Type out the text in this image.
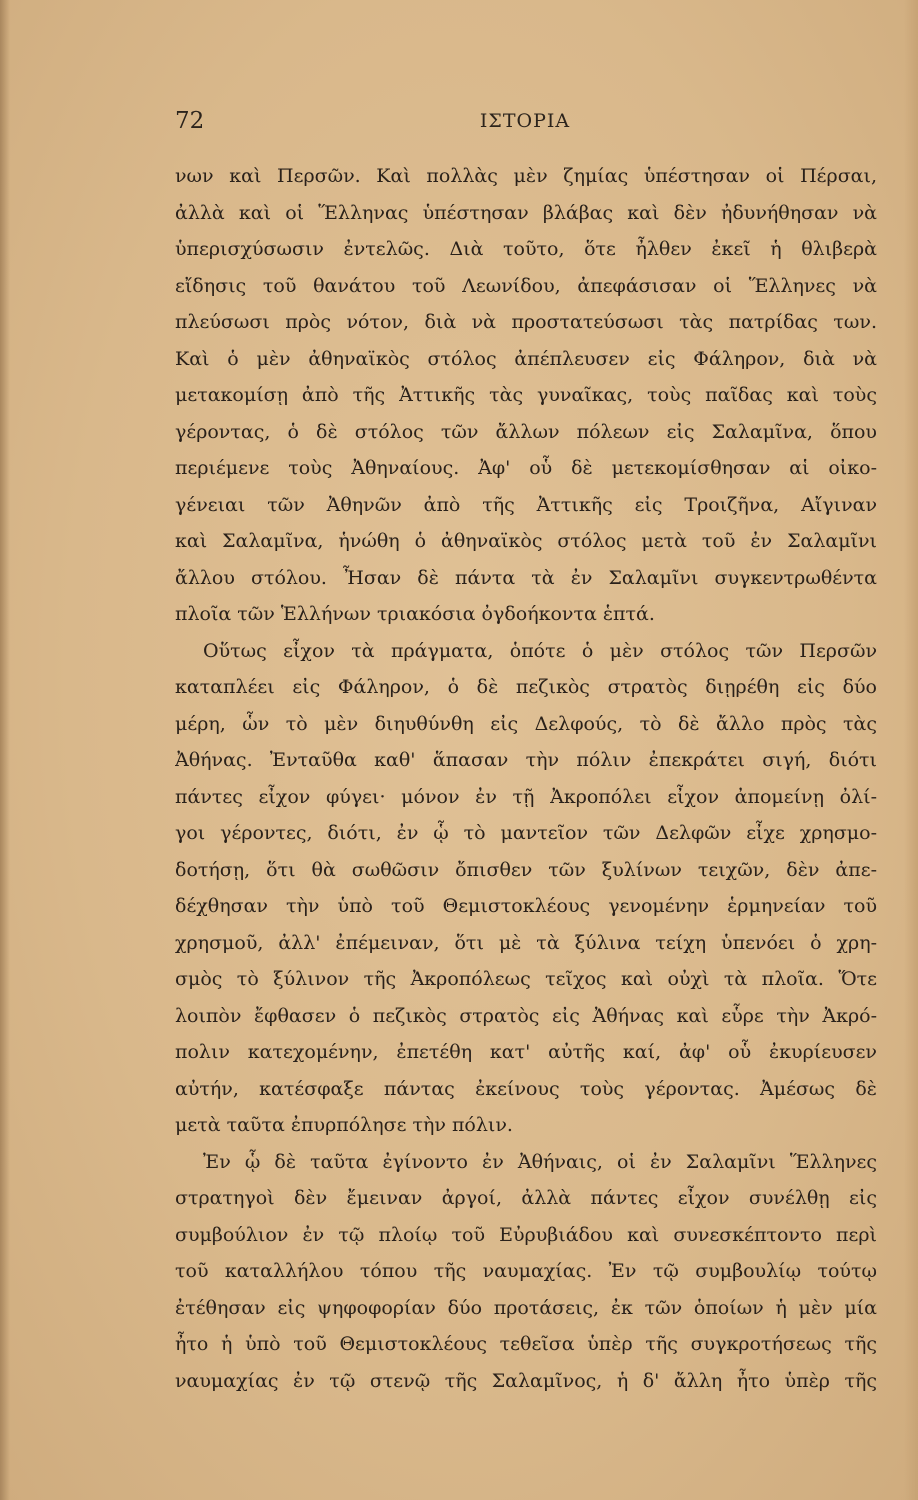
72	ΙΣΤΟΡΙΑ
νων καὶ Περσῶν. Καὶ πολλὰς μὲν ζημίας ὑπέστησαν οἱ Πέρσαι,
ἀλλὰ καὶ οἱ Ἕλληνας ὑπέστησαν βλάβας καὶ δὲν ἠδυνήθησαν νὰ
ὑπερισχύσωσιν ἐντελῶς. Διὰ τοῦτο, ὅτε ἦλθεν ἐκεῖ ἡ θλιβερὰ
εἴδησις τοῦ θανάτου τοῦ Λεωνίδου, ἀπεφάσισαν οἱ Ἕλληνες νὰ
πλεύσωσι πρὸς νότον, διὰ νὰ προστατεύσωσι τὰς πατρίδας των.
Καὶ ὁ μὲν ἀθηναϊκὸς στόλος ἀπέπλευσεν εἰς Φάληρον, διὰ νὰ
μετακομίσῃ ἀπὸ τῆς Ἀττικῆς τὰς γυναῖκας, τοὺς παῖδας καὶ τοὺς
γέροντας, ὁ δὲ στόλος τῶν ἄλλων πόλεων εἰς Σαλαμῖνα, ὅπου
περιέμενε τοὺς Ἀθηναίους. Ἀφ' οὗ δὲ μετεκομίσθησαν αἱ οἰκο-
γένειαι τῶν Ἀθηνῶν ἀπὸ τῆς Ἀττικῆς εἰς Τροιζῆνα, Αἴγιναν
καὶ Σαλαμῖνα, ἡνώθη ὁ ἀθηναϊκὸς στόλος μετὰ τοῦ ἐν Σαλαμῖνι
ἄλλου στόλου. Ἦσαν δὲ πάντα τὰ ἐν Σαλαμῖνι συγκεντρωθέντα
πλοῖα τῶν Ἑλλήνων τριακόσια ὀγδοήκοντα ἑπτά.
Οὕτως εἶχον τὰ πράγματα, ὁπότε ὁ μὲν στόλος τῶν Περσῶν
καταπλέει εἰς Φάληρον, ὁ δὲ πεζικὸς στρατὸς διῃρέθη εἰς δύο
μέρη, ὧν τὸ μὲν διηυθύνθη εἰς Δελφούς, τὸ δὲ ἄλλο πρὸς τὰς
Ἀθήνας. Ἐνταῦθα καθ' ἅπασαν τὴν πόλιν ἐπεκράτει σιγή, διότι
πάντες εἶχον φύγει· μόνον ἐν τῇ Ἀκροπόλει εἶχον ἀπομείνῃ ὀλί-
γοι γέροντες, διότι, ἐν ᾧ τὸ μαντεῖον τῶν Δελφῶν εἶχε χρησμο-
δοτήσῃ, ὅτι θὰ σωθῶσιν ὄπισθεν τῶν ξυλίνων τειχῶν, δὲν ἀπε-
δέχθησαν τὴν ὑπὸ τοῦ Θεμιστοκλέους γενομένην ἑρμηνείαν τοῦ
χρησμοῦ, ἀλλ' ἐπέμειναν, ὅτι μὲ τὰ ξύλινα τείχη ὑπενόει ὁ χρη-
σμὸς τὸ ξύλινον τῆς Ἀκροπόλεως τεῖχος καὶ οὐχὶ τὰ πλοῖα. Ὅτε
λοιπὸν ἔφθασεν ὁ πεζικὸς στρατὸς εἰς Ἀθήνας καὶ εὗρε τὴν Ἀκρό-
πολιν κατεχομένην, ἐπετέθη κατ' αὐτῆς καί, ἀφ' οὗ ἐκυρίευσεν
αὐτήν, κατέσφαξε πάντας ἐκείνους τοὺς γέροντας. Ἀμέσως δὲ
μετὰ ταῦτα ἐπυρπόλησε τὴν πόλιν.
Ἐν ᾧ δὲ ταῦτα ἐγίνοντο ἐν Ἀθήναις, οἱ ἐν Σαλαμῖνι Ἕλληνες
στρατηγοὶ δὲν ἔμειναν ἀργοί, ἀλλὰ πάντες εἶχον συνέλθῃ εἰς
συμβούλιον ἐν τῷ πλοίῳ τοῦ Εὐρυβιάδου καὶ συνεσκέπτοντο περὶ
τοῦ καταλλήλου τόπου τῆς ναυμαχίας. Ἐν τῷ συμβουλίῳ τούτῳ
ἐτέθησαν εἰς ψηφοφορίαν δύο προτάσεις, ἐκ τῶν ὁποίων ἡ μὲν μία
ἦτο ἡ ὑπὸ τοῦ Θεμιστοκλέους τεθεῖσα ὑπὲρ τῆς συγκροτήσεως τῆς
ναυμαχίας ἐν τῷ στενῷ τῆς Σαλαμῖνος, ἡ δ' ἄλλη ἦτο ὑπὲρ τῆς
